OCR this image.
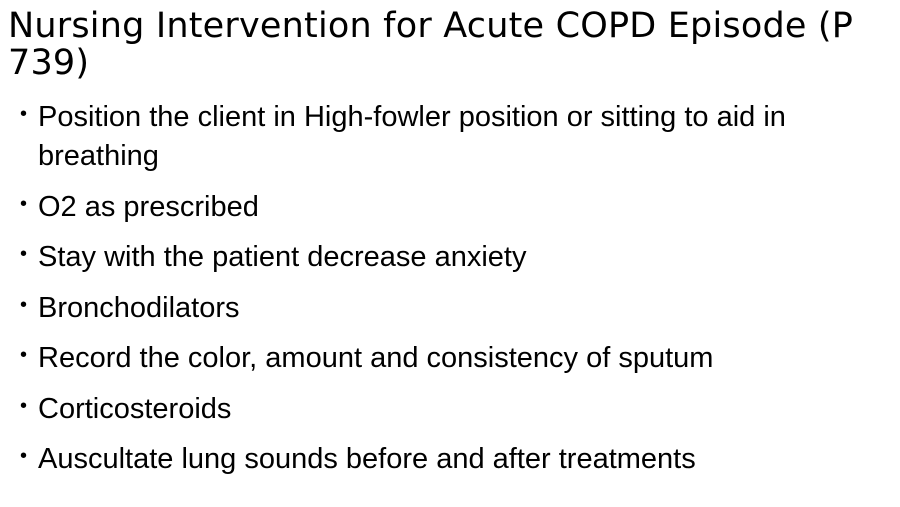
Nursing Intervention for Acute COPD Episode (P 739)
• Position the client in High-fowler position or sitting to aid in breathing
• O2 as prescribed
• Stay with the patient decrease anxiety
• Bronchodilators
• Record the color, amount and consistency of sputum
• Corticosteroids
• Auscultate lung sounds before and after treatments
